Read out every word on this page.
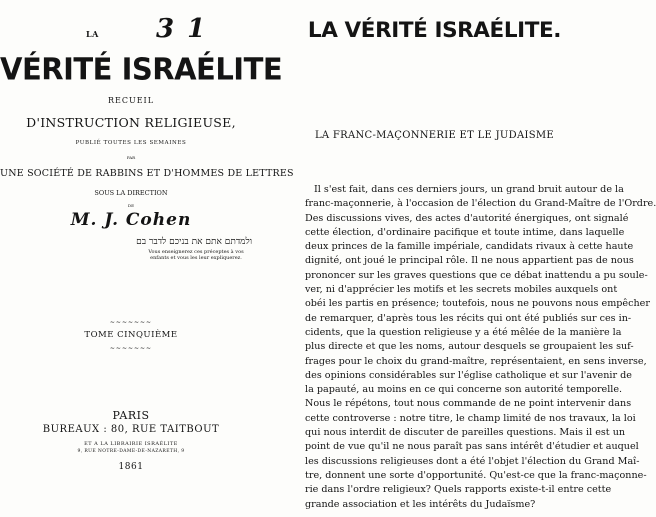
LA 3 1
VÉRITÉ ISRAÉLITE
RECUEIL
D'INSTRUCTION RELIGIEUSE,
PUBLIÉ TOUTES LES SEMAINES
PAR
UNE SOCIÉTÉ DE RABBINS ET D'HOMMES DE LETTRES
SOUS LA DIRECTION
DE
M. J. Cohen
ולמדתם אתם את בניכם לדבר בם
Vous enseignerez ces préceptes à vos enfants et vous les leur expliquerez.
~~~~~~~
TOME CINQUIÈME
~~~~~~~
PARIS
BUREAUX : 80, RUE TAITBOUT
ET A LA LIBRAIRIE ISRAÉLITE
9, RUE NOTRE-DAME-DE-NAZARETH, 9
1861
LA VÉRITÉ ISRAÉLITE.
LA FRANC-MAÇONNERIE ET LE JUDAISME
Il s'est fait, dans ces derniers jours, un grand bruit autour de la
franc-maçonnerie, à l'occasion de l'élection du Grand-Maître de l'Ordre.
Des discussions vives, des actes d'autorité énergiques, ont signalé
cette élection, d'ordinaire pacifique et toute intime, dans laquelle
deux princes de la famille impériale, candidats rivaux à cette haute
dignité, ont joué le principal rôle. Il ne nous appartient pas de nous
prononcer sur les graves questions que ce débat inattendu a pu soule-
ver, ni d'apprécier les motifs et les secrets mobiles auxquels ont
obéi les partis en présence; toutefois, nous ne pouvons nous empêcher
de remarquer, d'après tous les récits qui ont été publiés sur ces in-
cidents, que la question religieuse y a été mêlée de la manière la
plus directe et que les noms, autour desquels se groupaient les suf-
frages pour le choix du grand-maître, représentaient, en sens inverse,
des opinions considérables sur l'église catholique et sur l'avenir de
la papauté, au moins en ce qui concerne son autorité temporelle.
Nous le répétons, tout nous commande de ne point intervenir dans
cette controverse : notre titre, le champ limité de nos travaux, la loi
qui nous interdit de discuter de pareilles questions. Mais il est un
point de vue qu'il ne nous paraît pas sans intérêt d'étudier et auquel
les discussions religieuses dont a été l'objet l'élection du Grand Maî-
tre, donnent une sorte d'opportunité. Qu'est-ce que la franc-maçonne-
rie dans l'ordre religieux? Quels rapports existe-t-il entre cette
grande association et les intérêts du Judaïsme?
